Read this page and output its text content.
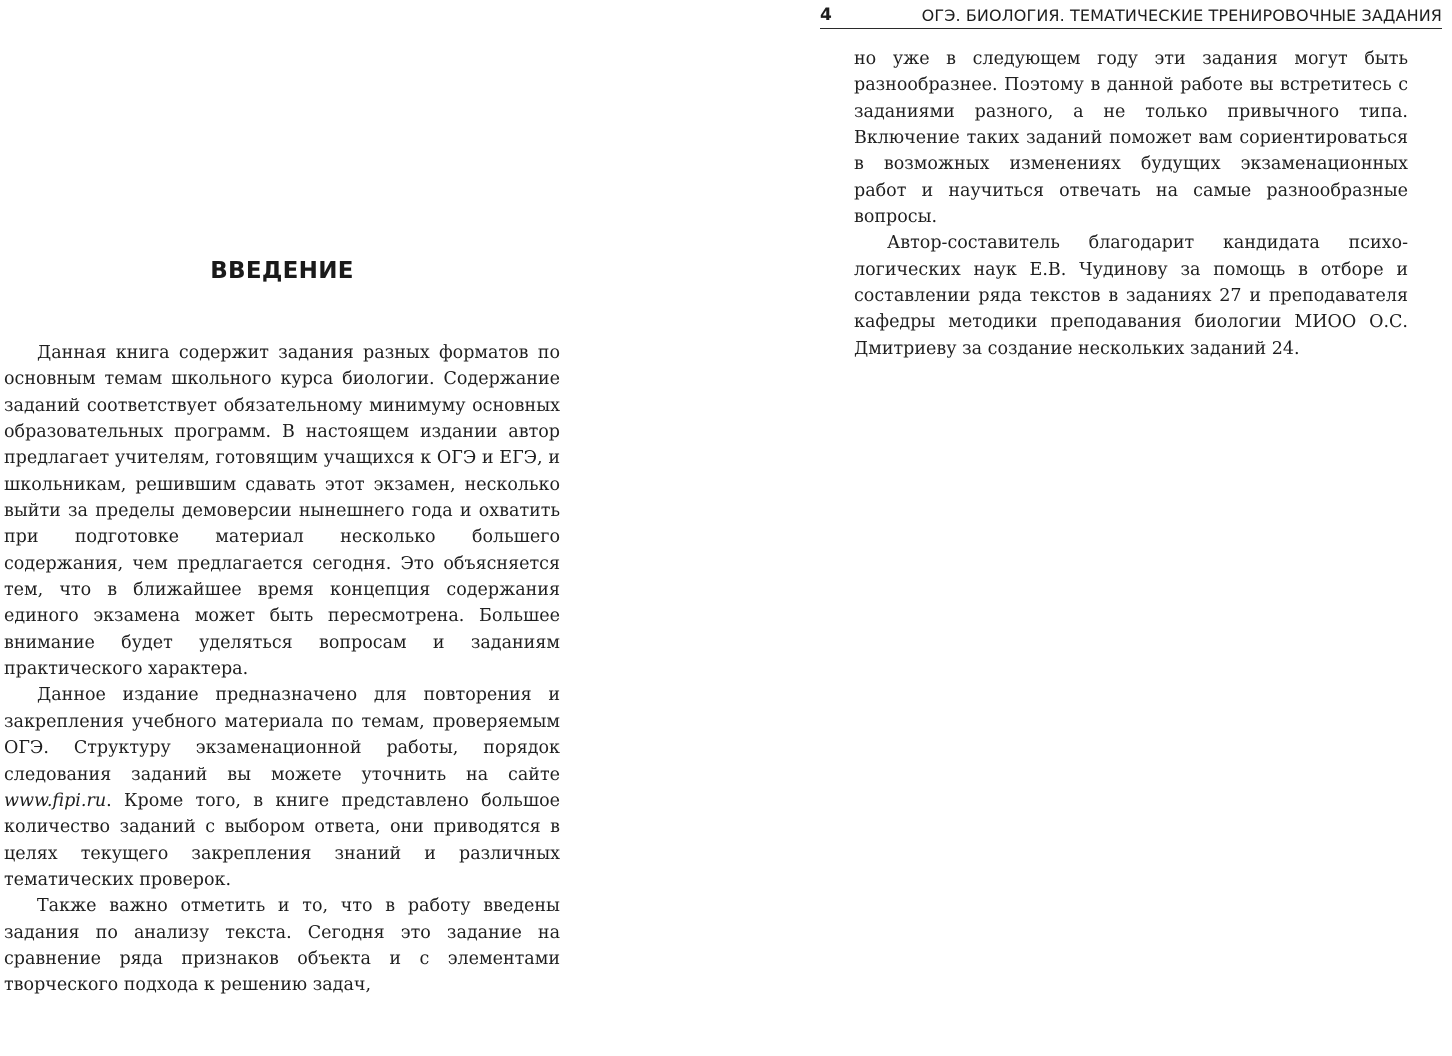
ВВЕДЕНИЕ

Данная книга содержит задания разных форматов по основным темам школьного курса биологии. Содержание заданий соответствует обязательному минимуму основных образовательных программ. В настоящем издании автор предлагает учителям, готовящим учащихся к ОГЭ и ЕГЭ, и школьникам, решившим сдавать этот экзамен, несколько выйти за пределы демоверсии нынешнего года и охватить при подготовке материал несколько большего содержания, чем предлагается сегодня. Это объясняется тем, что в ближайшее время концепция содержания единого экзамена может быть пересмотрена. Большее внимание будет уделяться вопросам и заданиям практического характера.

Данное издание предназначено для повторения и закрепления учебного материала по темам, проверяемым ОГЭ. Структуру экзаменационной работы, порядок следования заданий вы можете уточнить на сайте www.fipi.ru. Кроме того, в книге представлено большое количество заданий с выбором ответа, они приводятся в целях текущего закрепления знаний и различных тематических проверок.

Также важно отметить и то, что в работу введены задания по анализу текста. Сегодня это задание на сравнение ряда признаков объекта и с элементами творческого подхода к решению задач,

4	ОГЭ. БИОЛОГИЯ. ТЕМАТИЧЕСКИЕ ТРЕНИРОВОЧНЫЕ ЗАДАНИЯ

но уже в следующем году эти задания могут быть разнообразнее. Поэтому в данной работе вы встретитесь с заданиями разного, а не только привычного типа. Включение таких заданий поможет вам сориентироваться в возможных изменениях будущих экзаменационных работ и научиться отвечать на самые разнообразные вопросы.

Автор-составитель благодарит кандидата психологических наук Е.В. Чудинову за помощь в отборе и составлении ряда текстов в заданиях 27 и преподавателя кафедры методики преподавания биологии МИОО О.С. Дмитриеву за создание нескольких заданий 24.
